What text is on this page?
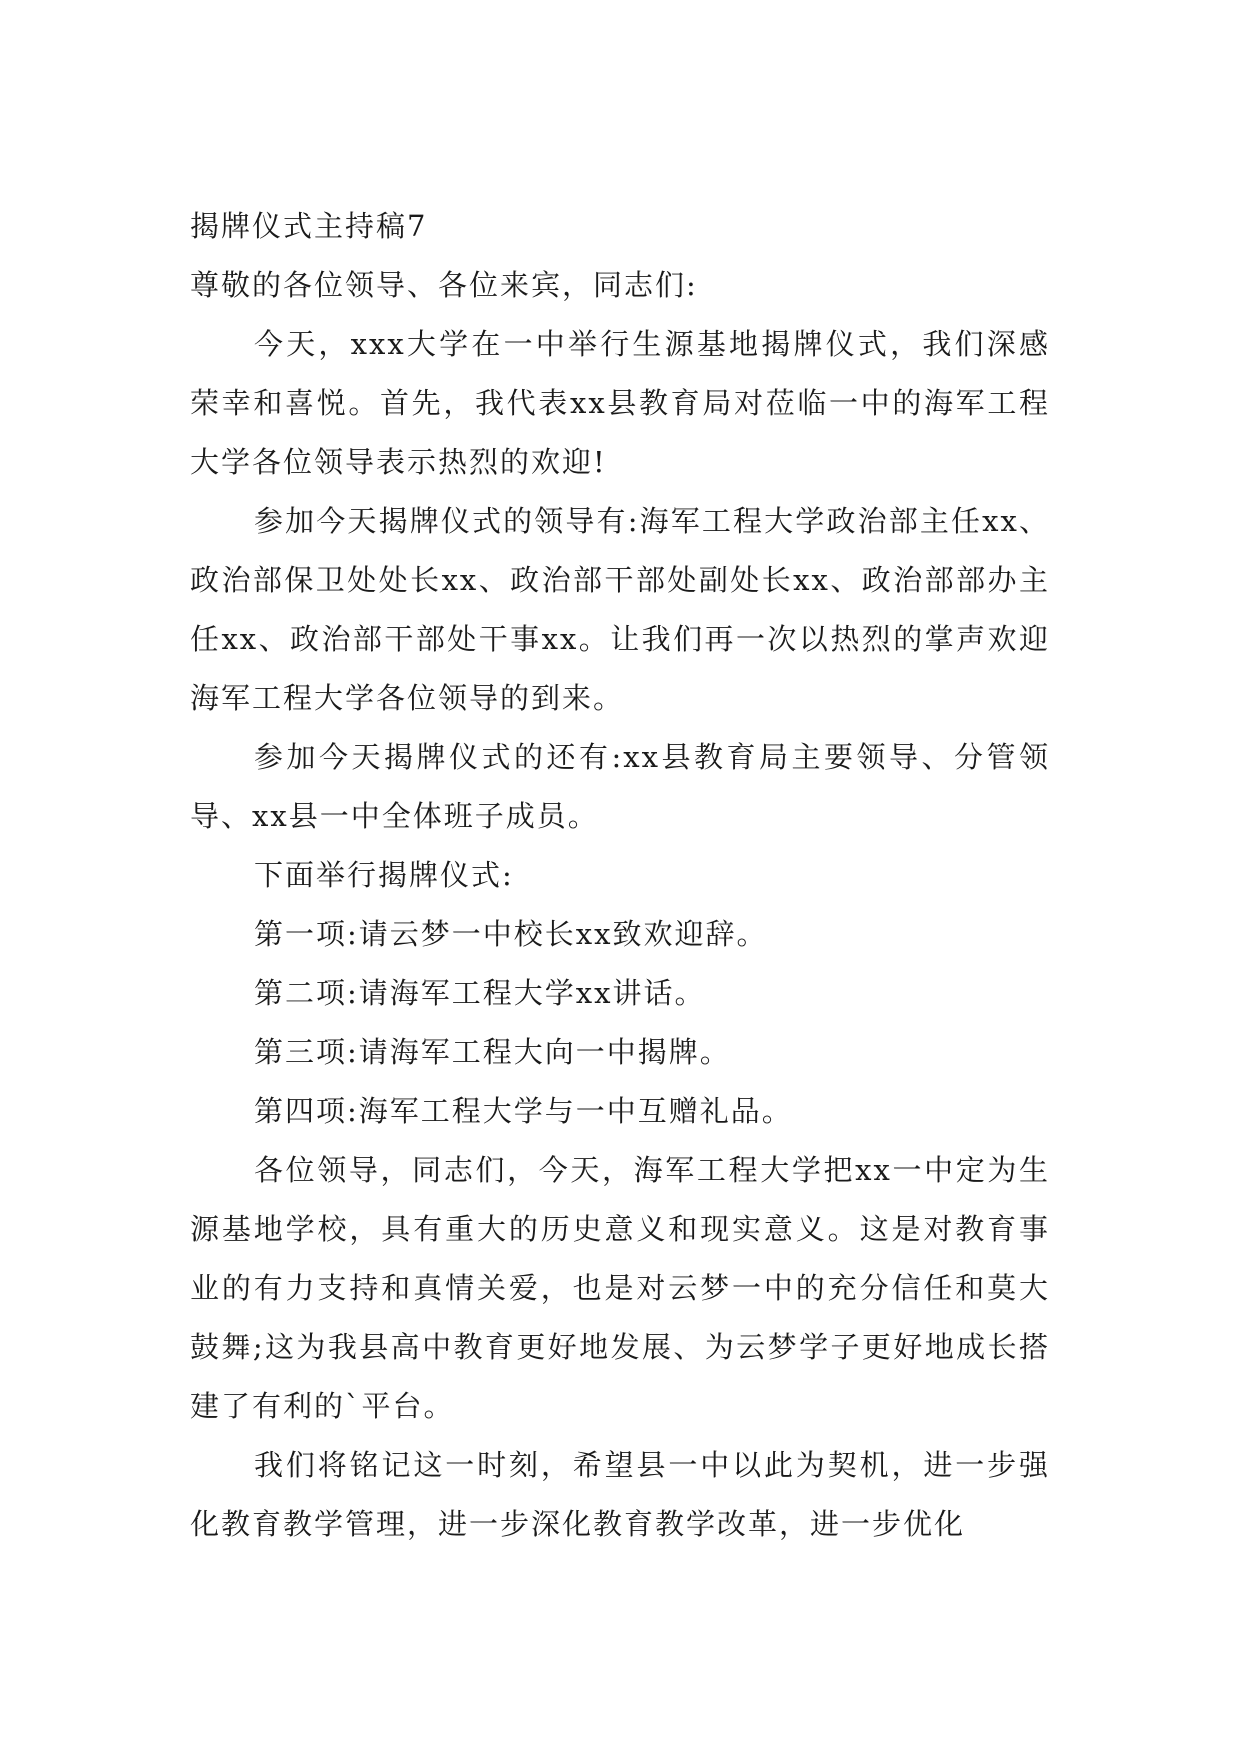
揭牌仪式主持稿7

尊敬的各位领导、各位来宾，同志们:

今天，xxx大学在一中举行生源基地揭牌仪式，我们深感荣幸和喜悦。首先，我代表xx县教育局对莅临一中的海军工程大学各位领导表示热烈的欢迎!

参加今天揭牌仪式的领导有:海军工程大学政治部主任xx、政治部保卫处处长xx、政治部干部处副处长xx、政治部部办主任xx、政治部干部处干事xx。让我们再一次以热烈的掌声欢迎海军工程大学各位领导的到来。

参加今天揭牌仪式的还有:xx县教育局主要领导、分管领导、xx县一中全体班子成员。

下面举行揭牌仪式:

第一项:请云梦一中校长xx致欢迎辞。

第二项:请海军工程大学xx讲话。

第三项:请海军工程大向一中揭牌。

第四项:海军工程大学与一中互赠礼品。

各位领导，同志们，今天，海军工程大学把xx一中定为生源基地学校，具有重大的历史意义和现实意义。这是对教育事业的有力支持和真情关爱，也是对云梦一中的充分信任和莫大鼓舞;这为我县高中教育更好地发展、为云梦学子更好地成长搭建了有利的`平台。

我们将铭记这一时刻，希望县一中以此为契机，进一步强化教育教学管理，进一步深化教育教学改革，进一步优化
